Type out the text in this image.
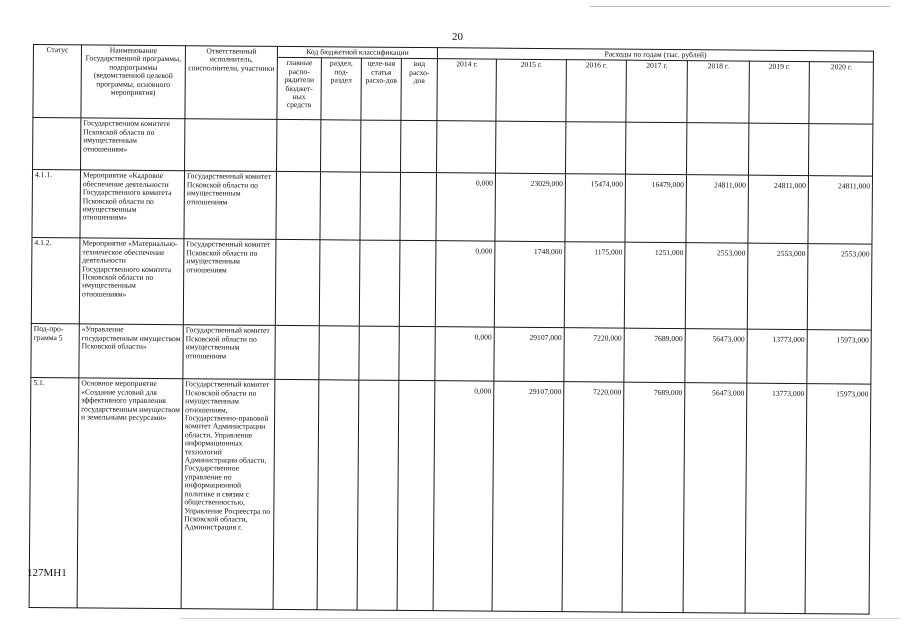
20
Статус	Наименование Государственной программы, подпрограммы (ведомственной целевой программы, основного мероприятия)	Ответственный исполнитель, соисполнители, участники	Код бюджетной классификации				Расходы по годам (тыс. рублей)						
			главные распо-рядители бюджет-ных средств	раздел, под-раздел	целе-вая статья расхо-дов	вид расхо-дов	2014 г.	2015 г.	2016 г.	2017 г.	2018 г.	2019 г.	2020 г.
	Государственном комитете Псковской области по имущественным отношениям»												
4.1.1.	Мероприятие «Кадровое обеспечение деятельности Государственного комитета Псковской области по имущественным отношениям»	Государственный комитет Псковской области по имущественным отношениям					0,000	23029,000	15474,000	16479,000	24811,000	24811,000	24811,000
4.1.2.	Мероприятие «Материально-техническое обеспечение деятельности Государственного комитета Псковской области по имущественным отношениям»	Государственный комитет Псковской области по имущественным отношениям					0,000	1748,000	1175,000	1251,000	2553,000	2553,000	2553,000
Под-про-грамма 5	«Управление государственным имуществом Псковской области»	Государственный комитет Псковской области по имущественным отношениям					0,000	29107,000	7220,000	7689,000	56473,000	13773,000	15973,000
5.1.	Основное мероприятие «Создание условий для эффективного управления государственным имуществом и земельными ресурсами»	Государственный комитет Псковской области по имущественным отношениям, Государственно-правовой комитет Администрации области, Управление информационных технологий Администрации области, Государственное управление по информационной политике и связям с общественностью, Управление Росреестра по Псковской области, Администрация г.					0,000	29107,000	7220,000	7689,000	56473,000	13773,000	15973,000
127МН1
